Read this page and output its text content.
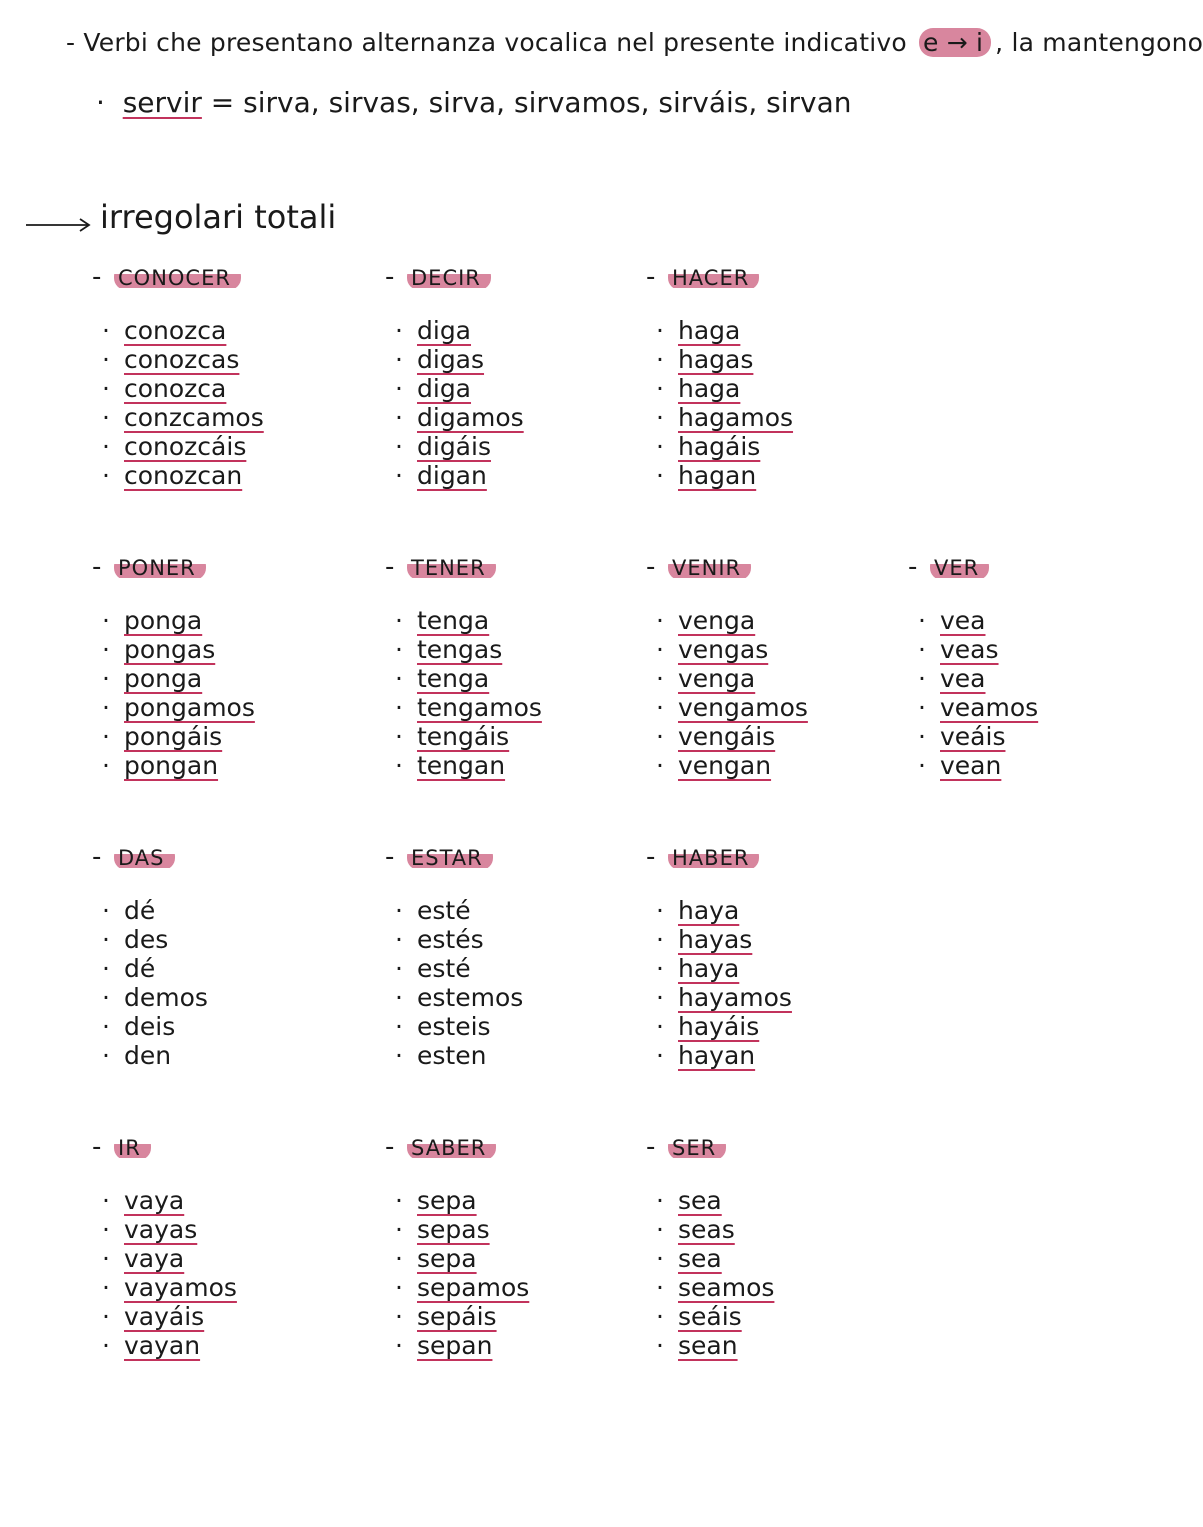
- Verbi che presentano alternanza vocalica nel presente indicativo e → i , la mantengono
·  servir = sirva, sirvas, sirva, sirvamos, sirváis, sirvan
irregolari totali
- CONOCER
· conozca
· conozcas
· conozca
· conzcamos
· conozcáis
· conozcan
- DECIR
· diga
· digas
· diga
· digamos
· digáis
· digan
- HACER
· haga
· hagas
· haga
· hagamos
· hagáis
· hagan
- PONER
· ponga
· pongas
· ponga
· pongamos
· pongáis
· pongan
- TENER
· tenga
· tengas
· tenga
· tengamos
· tengáis
· tengan
- VENIR
· venga
· vengas
· venga
· vengamos
· vengáis
· vengan
- VER
· vea
· veas
· vea
· veamos
· veáis
· vean
- DAS
· dé
· des
· dé
· demos
· deis
· den
- ESTAR
· esté
· estés
· esté
· estemos
· esteis
· esten
- HABER
· haya
· hayas
· haya
· hayamos
· hayáis
· hayan
- IR
· vaya
· vayas
· vaya
· vayamos
· vayáis
· vayan
- SABER
· sepa
· sepas
· sepa
· sepamos
· sepáis
· sepan
- SER
· sea
· seas
· sea
· seamos
· seáis
· sean
